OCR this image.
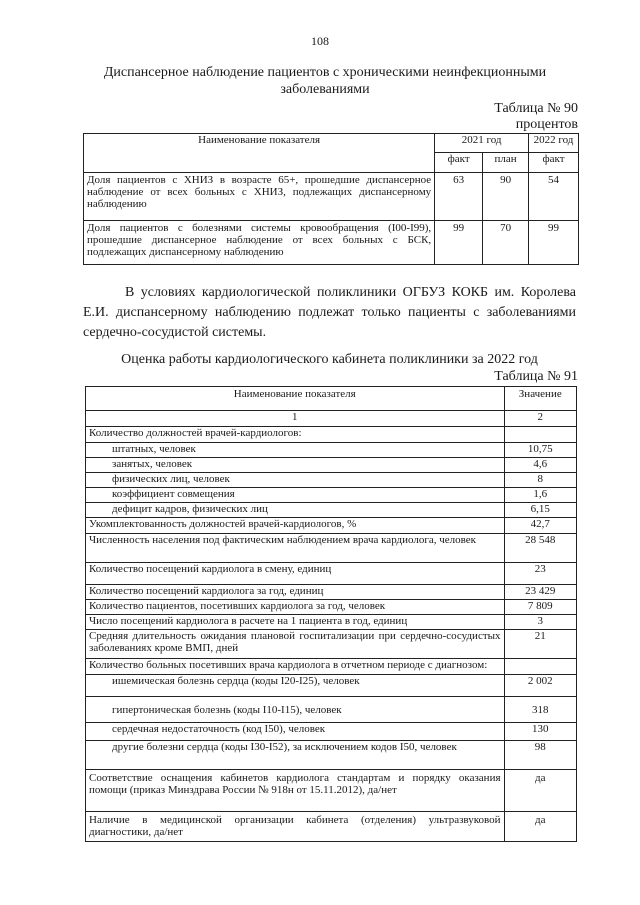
108
Диспансерное наблюдение пациентов с хроническими неинфекционными заболеваниями
Таблица № 90
процентов
Наименование показателя	2021 год		2022 год
	факт	план	факт
Доля пациентов с ХНИЗ в возрасте 65+, прошедшие диспансерное наблюдение от всех больных с ХНИЗ, подлежащих диспансерному наблюдению	63	90	54
Доля пациентов с болезнями системы кровообращения (I00-I99), прошедшие диспансерное наблюдение от всех больных с БСК, подлежащих диспансерному наблюдению	99	70	99
В условиях кардиологической поликлиники ОГБУЗ КОКБ им. Королева Е.И. диспансерному наблюдению подлежат только пациенты с заболеваниями сердечно-сосудистой системы.
Оценка работы кардиологического кабинета поликлиники за 2022 год
Таблица № 91
Наименование показателя	Значение
1	2
Количество должностей врачей-кардиологов:	
штатных, человек	10,75
занятых, человек	4,6
физических лиц, человек	8
коэффициент совмещения	1,6
дефицит кадров, физических лиц	6,15
Укомплектованность должностей врачей-кардиологов, %	42,7
Численность населения под фактическим наблюдением врача кардиолога, человек	28 548
Количество посещений кардиолога в смену, единиц	23
Количество посещений кардиолога за год, единиц	23 429
Количество пациентов, посетивших кардиолога за год, человек	7 809
Число посещений кардиолога в расчете на 1 пациента в год, единиц	3
Средняя длительность ожидания плановой госпитализации при сердечно-сосудистых заболеваниях кроме ВМП, дней	21
Количество больных посетивших врача кардиолога в отчетном периоде с диагнозом:	
ишемическая болезнь сердца (коды I20-I25), человек	2 002
гипертоническая болезнь (коды I10-I15), человек	318
сердечная недостаточность (код I50), человек	130
другие болезни сердца (коды I30-I52), за исключением кодов I50, человек	98
Соответствие оснащения кабинетов кардиолога стандартам и порядку оказания помощи (приказ Минздрава России № 918н от 15.11.2012), да/нет	да
Наличие в медицинской организации кабинета (отделения) ультразвуковой диагностики, да/нет	да
